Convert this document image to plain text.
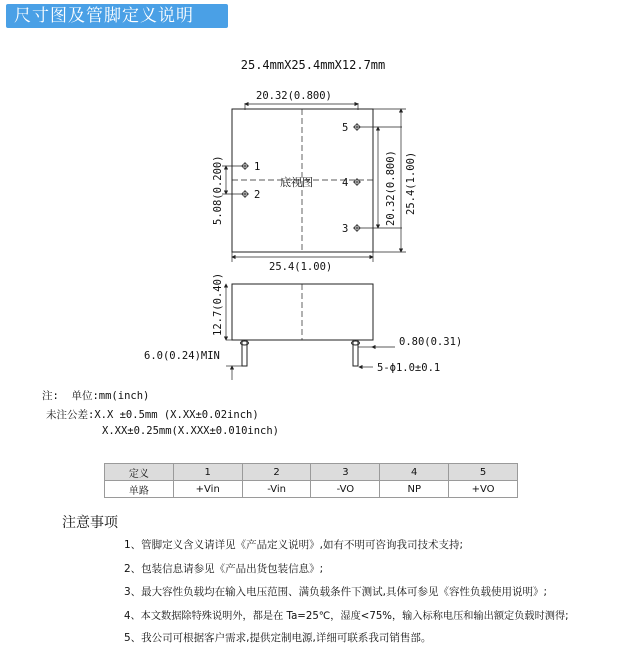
尺寸图及管脚定义说明
25.4mmX25.4mmX12.7mm
20.32(0.800)
25.4(1.00)
5.08(0.200)	20.32(0.800) 25.4(1.00)
1
2
5
4
3
12.7(0.40)
0.80(0.31)
6.0(0.24)MIN
5-ϕ1.0±0.1
底视图
注:  单位:mm(inch)
未注公差:X.X ±0.5mm (X.XX±0.02inch)
X.XX±0.25mm(X.XXX±0.010inch)
定义	1	2	3	4	5
单路	+Vin	-Vin	-VO	NP	+VO
注意事项
1、管脚定义含义请详见《产品定义说明》,如有不明可咨询我司技术支持;
2、包装信息请参见《产品出货包装信息》;
3、最大容性负载均在输入电压范围、满负载条件下测试,具体可参见《容性负载使用说明》;
4、本文数据除特殊说明外，都是在 Ta=25℃，湿度<75%，输入标称电压和输出额定负载时测得;
5、我公司可根据客户需求,提供定制电源,详细可联系我司销售部。
